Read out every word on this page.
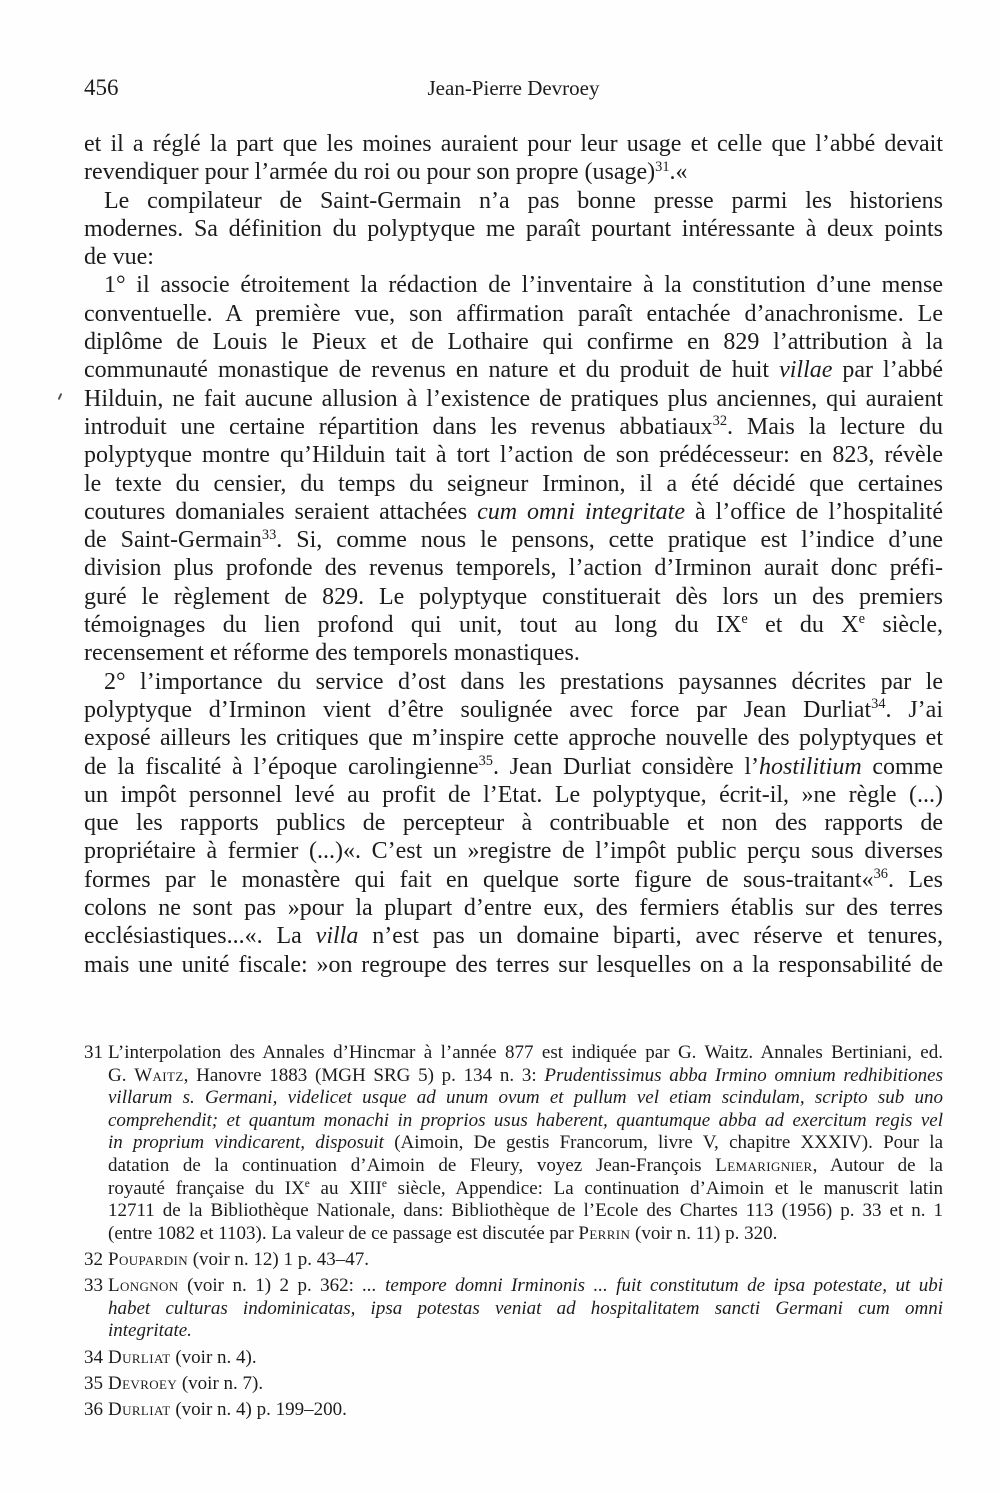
456	Jean-Pierre Devroey
et il a réglé la part que les moines auraient pour leur usage et celle que l’abbé devait
revendiquer pour l’armée du roi ou pour son propre (usage)$^{31}$.«
Le compilateur de Saint-Germain n’a pas bonne presse parmi les historiens
modernes. Sa définition du polyptyque me paraît pourtant intéressante à deux points
de vue:
1° il associe étroitement la rédaction de l’inventaire à la constitution d’une mense
conventuelle. A première vue, son affirmation paraît entachée d’anachronisme. Le
diplôme de Louis le Pieux et de Lothaire qui confirme en 829 l’attribution à la
communauté monastique de revenus en nature et du produit de huit villae par l’abbé
Hilduin, ne fait aucune allusion à l’existence de pratiques plus anciennes, qui auraient
introduit une certaine répartition dans les revenus abbatiaux$^{32}$. Mais la lecture du
polyptyque montre qu’Hilduin tait à tort l’action de son prédécesseur: en 823, révèle
le texte du censier, du temps du seigneur Irminon, il a été décidé que certaines
coutures domaniales seraient attachées cum omni integritate à l’office de l’hospitalité
de Saint-Germain$^{33}$. Si, comme nous le pensons, cette pratique est l’indice d’une
division plus profonde des revenus temporels, l’action d’Irminon aurait donc préfi-
guré le règlement de 829. Le polyptyque constituerait dès lors un des premiers
témoignages du lien profond qui unit, tout au long du IXe et du Xe siècle,
recensement et réforme des temporels monastiques.
2° l’importance du service d’ost dans les prestations paysannes décrites par le
polyptyque d’Irminon vient d’être soulignée avec force par Jean Durliat$^{34}$. J’ai
exposé ailleurs les critiques que m’inspire cette approche nouvelle des polyptyques et
de la fiscalité à l’époque carolingienne$^{35}$. Jean Durliat considère l’hostilitium comme
un impôt personnel levé au profit de l’Etat. Le polyptyque, écrit-il, »ne règle (...)
que les rapports publics de percepteur à contribuable et non des rapports de
propriétaire à fermier (...)«. C’est un »registre de l’impôt public perçu sous diverses
formes par le monastère qui fait en quelque sorte figure de sous-traitant«$^{36}$. Les
colons ne sont pas »pour la plupart d’entre eux, des fermiers établis sur des terres
ecclésiastiques...«. La villa n’est pas un domaine biparti, avec réserve et tenures,
mais une unité fiscale: »on regroupe des terres sur lesquelles on a la responsabilité de
31 L’interpolation des Annales d’Hincmar à l’année 877 est indiquée par G. Waitz. Annales Bertiniani, ed.
G. Waitz, Hanovre 1883 (MGH SRG 5) p. 134 n. 3: Prudentissimus abba Irmino omnium redhibitiones
villarum s. Germani, videlicet usque ad unum ovum et pullum vel etiam scindulam, scripto sub uno
comprehendit; et quantum monachi in proprios usus haberent, quantumque abba ad exercitum regis vel
in proprium vindicarent, disposuit (Aimoin, De gestis Francorum, livre V, chapitre XXXIV). Pour la
datation de la continuation d’Aimoin de Fleury, voyez Jean-François Lemarignier, Autour de la
royauté française du IXe au XIIIe siècle, Appendice: La continuation d’Aimoin et le manuscrit latin
12711 de la Bibliothèque Nationale, dans: Bibliothèque de l’Ecole des Chartes 113 (1956) p. 33 et n. 1
(entre 1082 et 1103). La valeur de ce passage est discutée par Perrin (voir n. 11) p. 320.
32 Poupardin (voir n. 12) 1 p. 43–47.
33 Longnon (voir n. 1) 2 p. 362: ... tempore domni Irminonis ... fuit constitutum de ipsa potestate, ut ubi
habet culturas indominicatas, ipsa potestas veniat ad hospitalitatem sancti Germani cum omni
integritate.
34 Durliat (voir n. 4).
35 Devroey (voir n. 7).
36 Durliat (voir n. 4) p. 199–200.
